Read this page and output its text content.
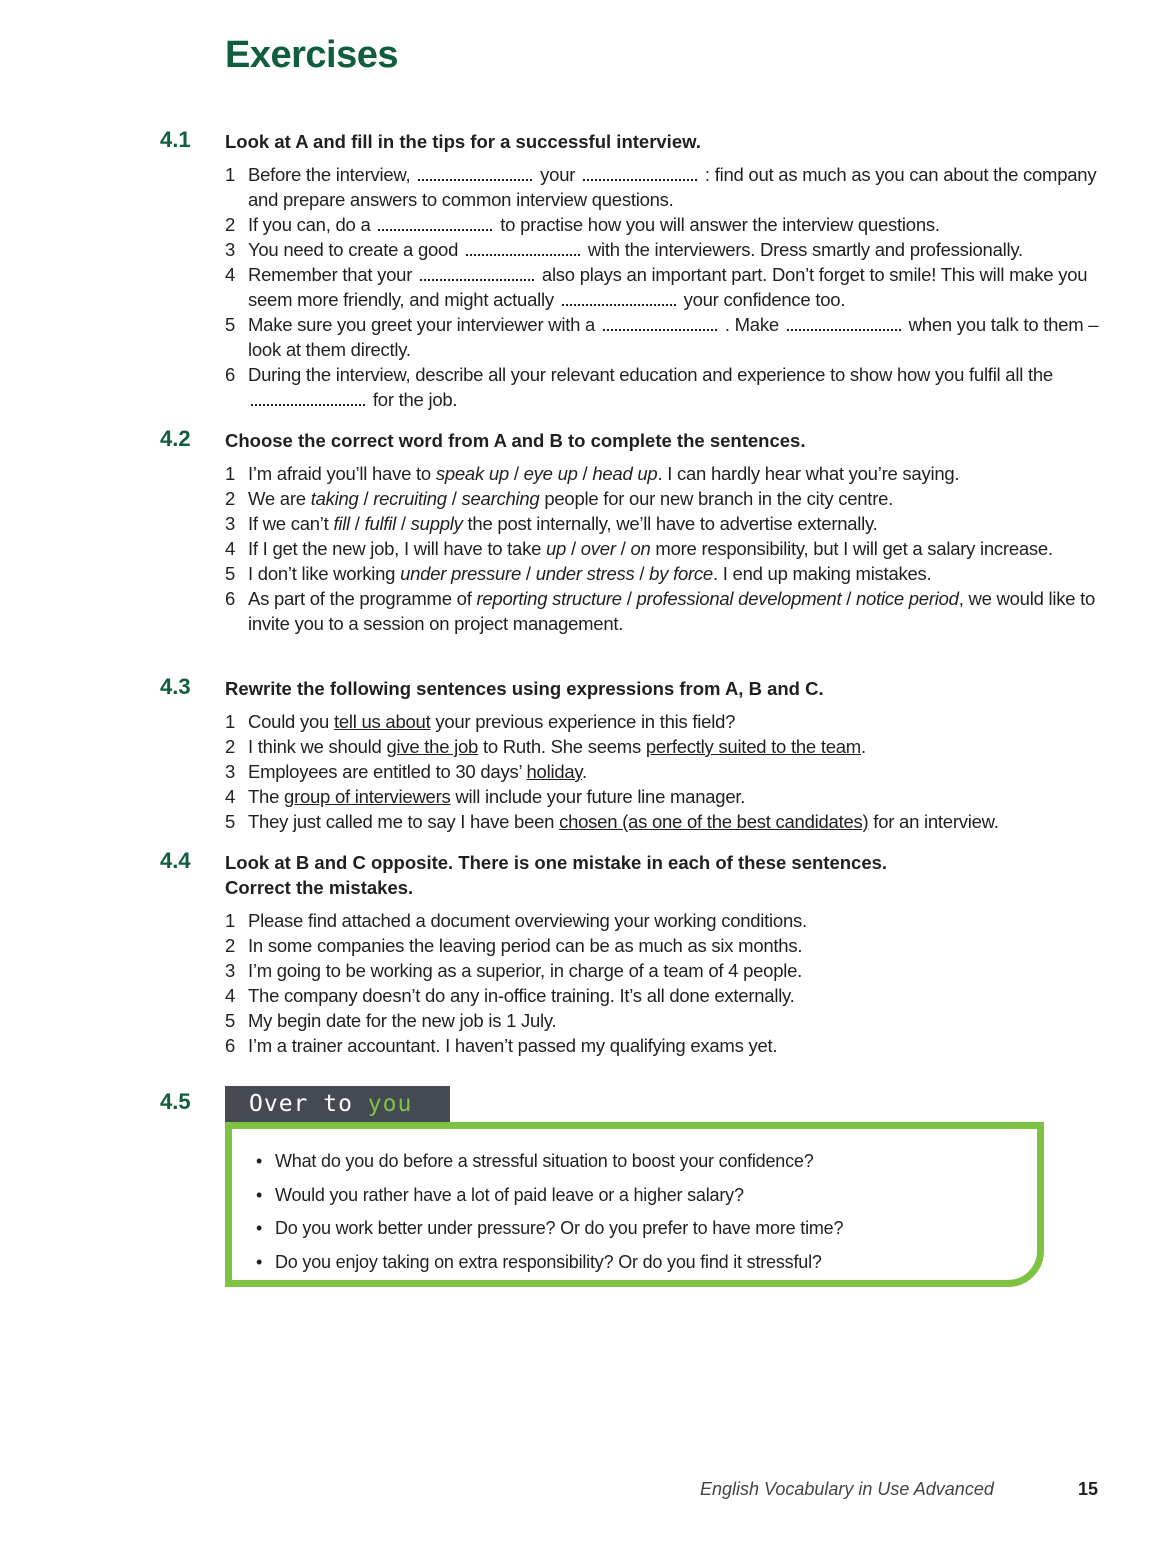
Exercises
4.1 Look at A and fill in the tips for a successful interview.
1 Before the interview,	your	: find out as much as you can about the company and prepare answers to common interview questions.
2 If you can, do a	to practise how you will answer the interview questions.
3 You need to create a good	with the interviewers. Dress smartly and professionally.
4 Remember that your	also plays an important part. Don’t forget to smile! This will make you seem more friendly, and might actually	your confidence too.
5 Make sure you greet your interviewer with a	. Make	when you talk to them – look at them directly.
6 During the interview, describe all your relevant education and experience to show how you fulfil all the  for the job.
4.2 Choose the correct word from A and B to complete the sentences.
1 I’m afraid you’ll have to speak up / eye up / head up. I can hardly hear what you’re saying.
2 We are taking / recruiting / searching people for our new branch in the city centre.
3 If we can’t fill / fulfil / supply the post internally, we’ll have to advertise externally.
4 If I get the new job, I will have to take up / over / on more responsibility, but I will get a salary increase.
5 I don’t like working under pressure / under stress / by force. I end up making mistakes.
6 As part of the programme of reporting structure / professional development / notice period, we would like to invite you to a session on project management.
4.3 Rewrite the following sentences using expressions from A, B and C.
1 Could you tell us about your previous experience in this field?
2 I think we should give the job to Ruth. She seems perfectly suited to the team.
3 Employees are entitled to 30 days’ holiday.
4 The group of interviewers will include your future line manager.
5 They just called me to say I have been chosen (as one of the best candidates) for an interview.
4.4 Look at B and C opposite. There is one mistake in each of these sentences.
Correct the mistakes.
1 Please find attached a document overviewing your working conditions.
2 In some companies the leaving period can be as much as six months.
3 I’m going to be working as a superior, in charge of a team of 4 people.
4 The company doesn’t do any in-office training. It’s all done externally.
5 My begin date for the new job is 1 July.
6 I’m a trainer accountant. I haven’t passed my qualifying exams yet.
4.5	Over to you
• What do you do before a stressful situation to boost your confidence?
• Would you rather have a lot of paid leave or a higher salary?
• Do you work better under pressure? Or do you prefer to have more time?
• Do you enjoy taking on extra responsibility? Or do you find it stressful?
English Vocabulary in Use Advanced	15
